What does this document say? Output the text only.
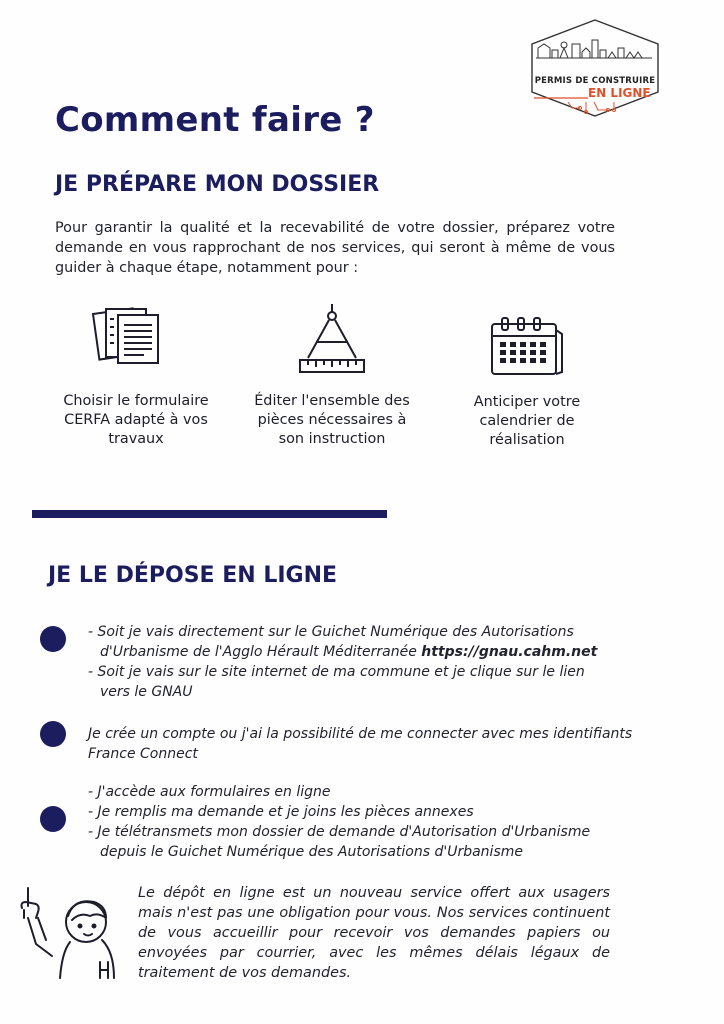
PERMIS DE CONSTRUIRE
EN LIGNE
Comment faire ?
JE PRÉPARE MON DOSSIER
Pour garantir la qualité et la recevabilité de votre dossier, préparez votre demande en vous rapprochant de nos services, qui seront à même de vous guider à chaque étape, notamment pour :
Choisir le formulaire
CERFA adapté à vos
travaux
Éditer l'ensemble des
pièces nécessaires à
son instruction
Anticiper votre
calendrier de
réalisation
JE LE DÉPOSE EN LIGNE
- Soit je vais directement sur le Guichet Numérique des Autorisations
d'Urbanisme de l'Agglo Hérault Méditerranée https://gnau.cahm.net
- Soit je vais sur le site internet de ma commune et je clique sur le lien
vers le GNAU
Je crée un compte ou j'ai la possibilité de me connecter avec mes identifiants
France Connect
- J'accède aux formulaires en ligne
- Je remplis ma demande et je joins les pièces annexes
- Je télétransmets mon dossier de demande d'Autorisation d'Urbanisme
depuis le Guichet Numérique des Autorisations d'Urbanisme
Le dépôt en ligne est un nouveau service offert aux usagers mais n'est pas une obligation pour vous. Nos services continuent de vous accueillir pour recevoir vos demandes papiers ou envoyées par courrier, avec les mêmes délais légaux de traitement de vos demandes.
